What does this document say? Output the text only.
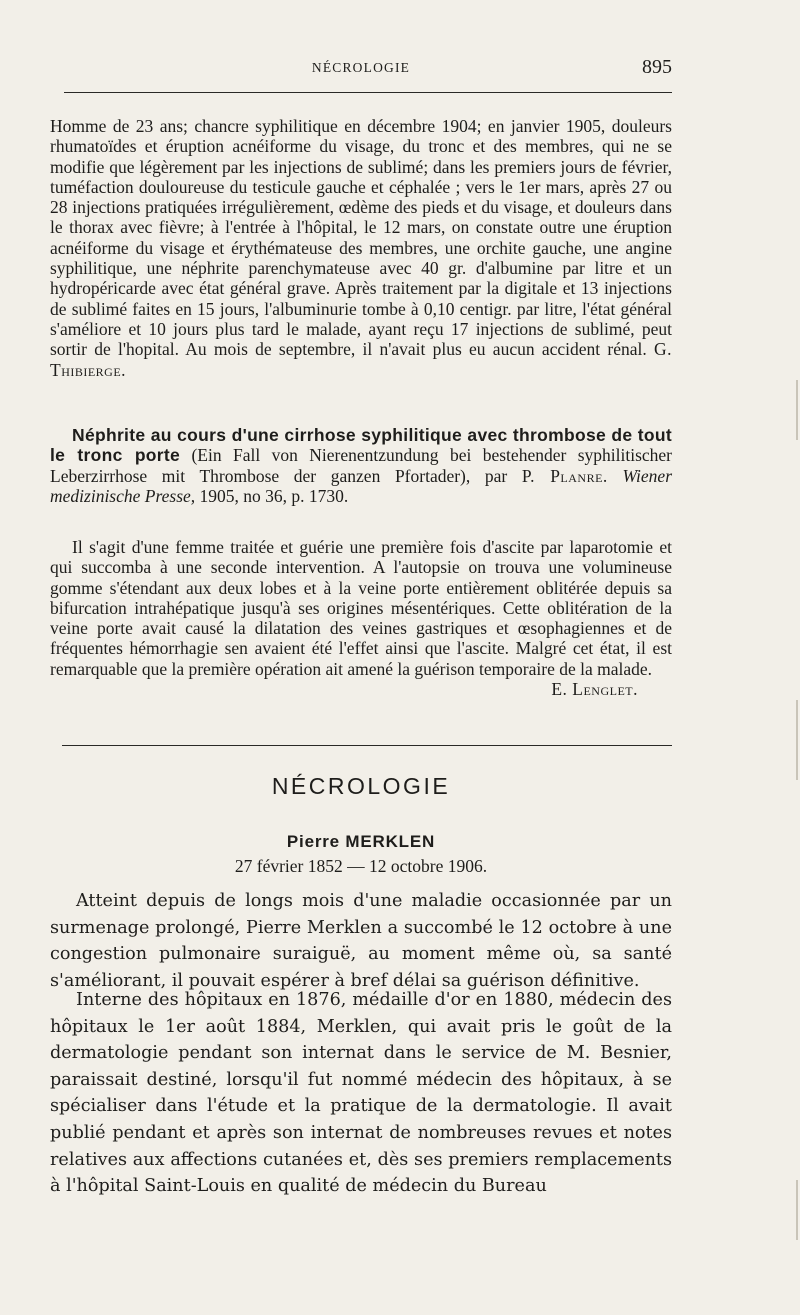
NÉCROLOGIE	895

Homme de 23 ans; chancre syphilitique en décembre 1904; en janvier 1905, douleurs rhumatoïdes et éruption acnéiforme du visage, du tronc et des membres, qui ne se modifie que légèrement par les injections de sublimé; dans les premiers jours de février, tuméfaction douloureuse du testicule gauche et céphalée ; vers le 1er mars, après 27 ou 28 injections pratiquées irrégulièrement, œdème des pieds et du visage, et douleurs dans le thorax avec fièvre; à l'entrée à l'hôpital, le 12 mars, on constate outre une éruption acnéiforme du visage et érythémateuse des membres, une orchite gauche, une angine syphilitique, une néphrite parenchymateuse avec 40 gr. d'albumine par litre et un hydropéricarde avec état général grave. Après traitement par la digitale et 13 injections de sublimé faites en 15 jours, l'albuminurie tombe à 0,10 centigr. par litre, l'état général s'améliore et 10 jours plus tard le malade, ayant reçu 17 injections de sublimé, peut sortir de l'hopital. Au mois de septembre, il n'avait plus eu aucun accident rénal. G. Thibierge.

Néphrite au cours d'une cirrhose syphilitique avec thrombose de tout le tronc porte (Ein Fall von Nierenentzundung bei bestehender syphilitischer Leberzirrhose mit Thrombose der ganzen Pfortader), par P. Planre. Wiener medizinische Presse, 1905, no 36, p. 1730.

Il s'agit d'une femme traitée et guérie une première fois d'ascite par laparotomie et qui succomba à une seconde intervention. A l'autopsie on trouva une volumineuse gomme s'étendant aux deux lobes et à la veine porte entièrement oblitérée depuis sa bifurcation intrahépatique jusqu'à ses origines mésentériques. Cette oblitération de la veine porte avait causé la dilatation des veines gastriques et œsophagiennes et de fréquentes hémorrhagie sen avaient été l'effet ainsi que l'ascite. Malgré cet état, il est remarquable que la première opération ait amené la guérison temporaire de la malade.
E. Lenglet.

NÉCROLOGIE
Pierre MERKLEN
27 février 1852 — 12 octobre 1906.

Atteint depuis de longs mois d'une maladie occasionnée par un surmenage prolongé, Pierre Merklen a succombé le 12 octobre à une congestion pulmonaire suraiguë, au moment même où, sa santé s'améliorant, il pouvait espérer à bref délai sa guérison définitive.

Interne des hôpitaux en 1876, médaille d'or en 1880, médecin des hôpitaux le 1er août 1884, Merklen, qui avait pris le goût de la dermatologie pendant son internat dans le service de M. Besnier, paraissait destiné, lorsqu'il fut nommé médecin des hôpitaux, à se spécialiser dans l'étude et la pratique de la dermatologie. Il avait publié pendant et après son internat de nombreuses revues et notes relatives aux affections cutanées et, dès ses premiers remplacements à l'hôpital Saint-Louis en qualité de médecin du Bureau
